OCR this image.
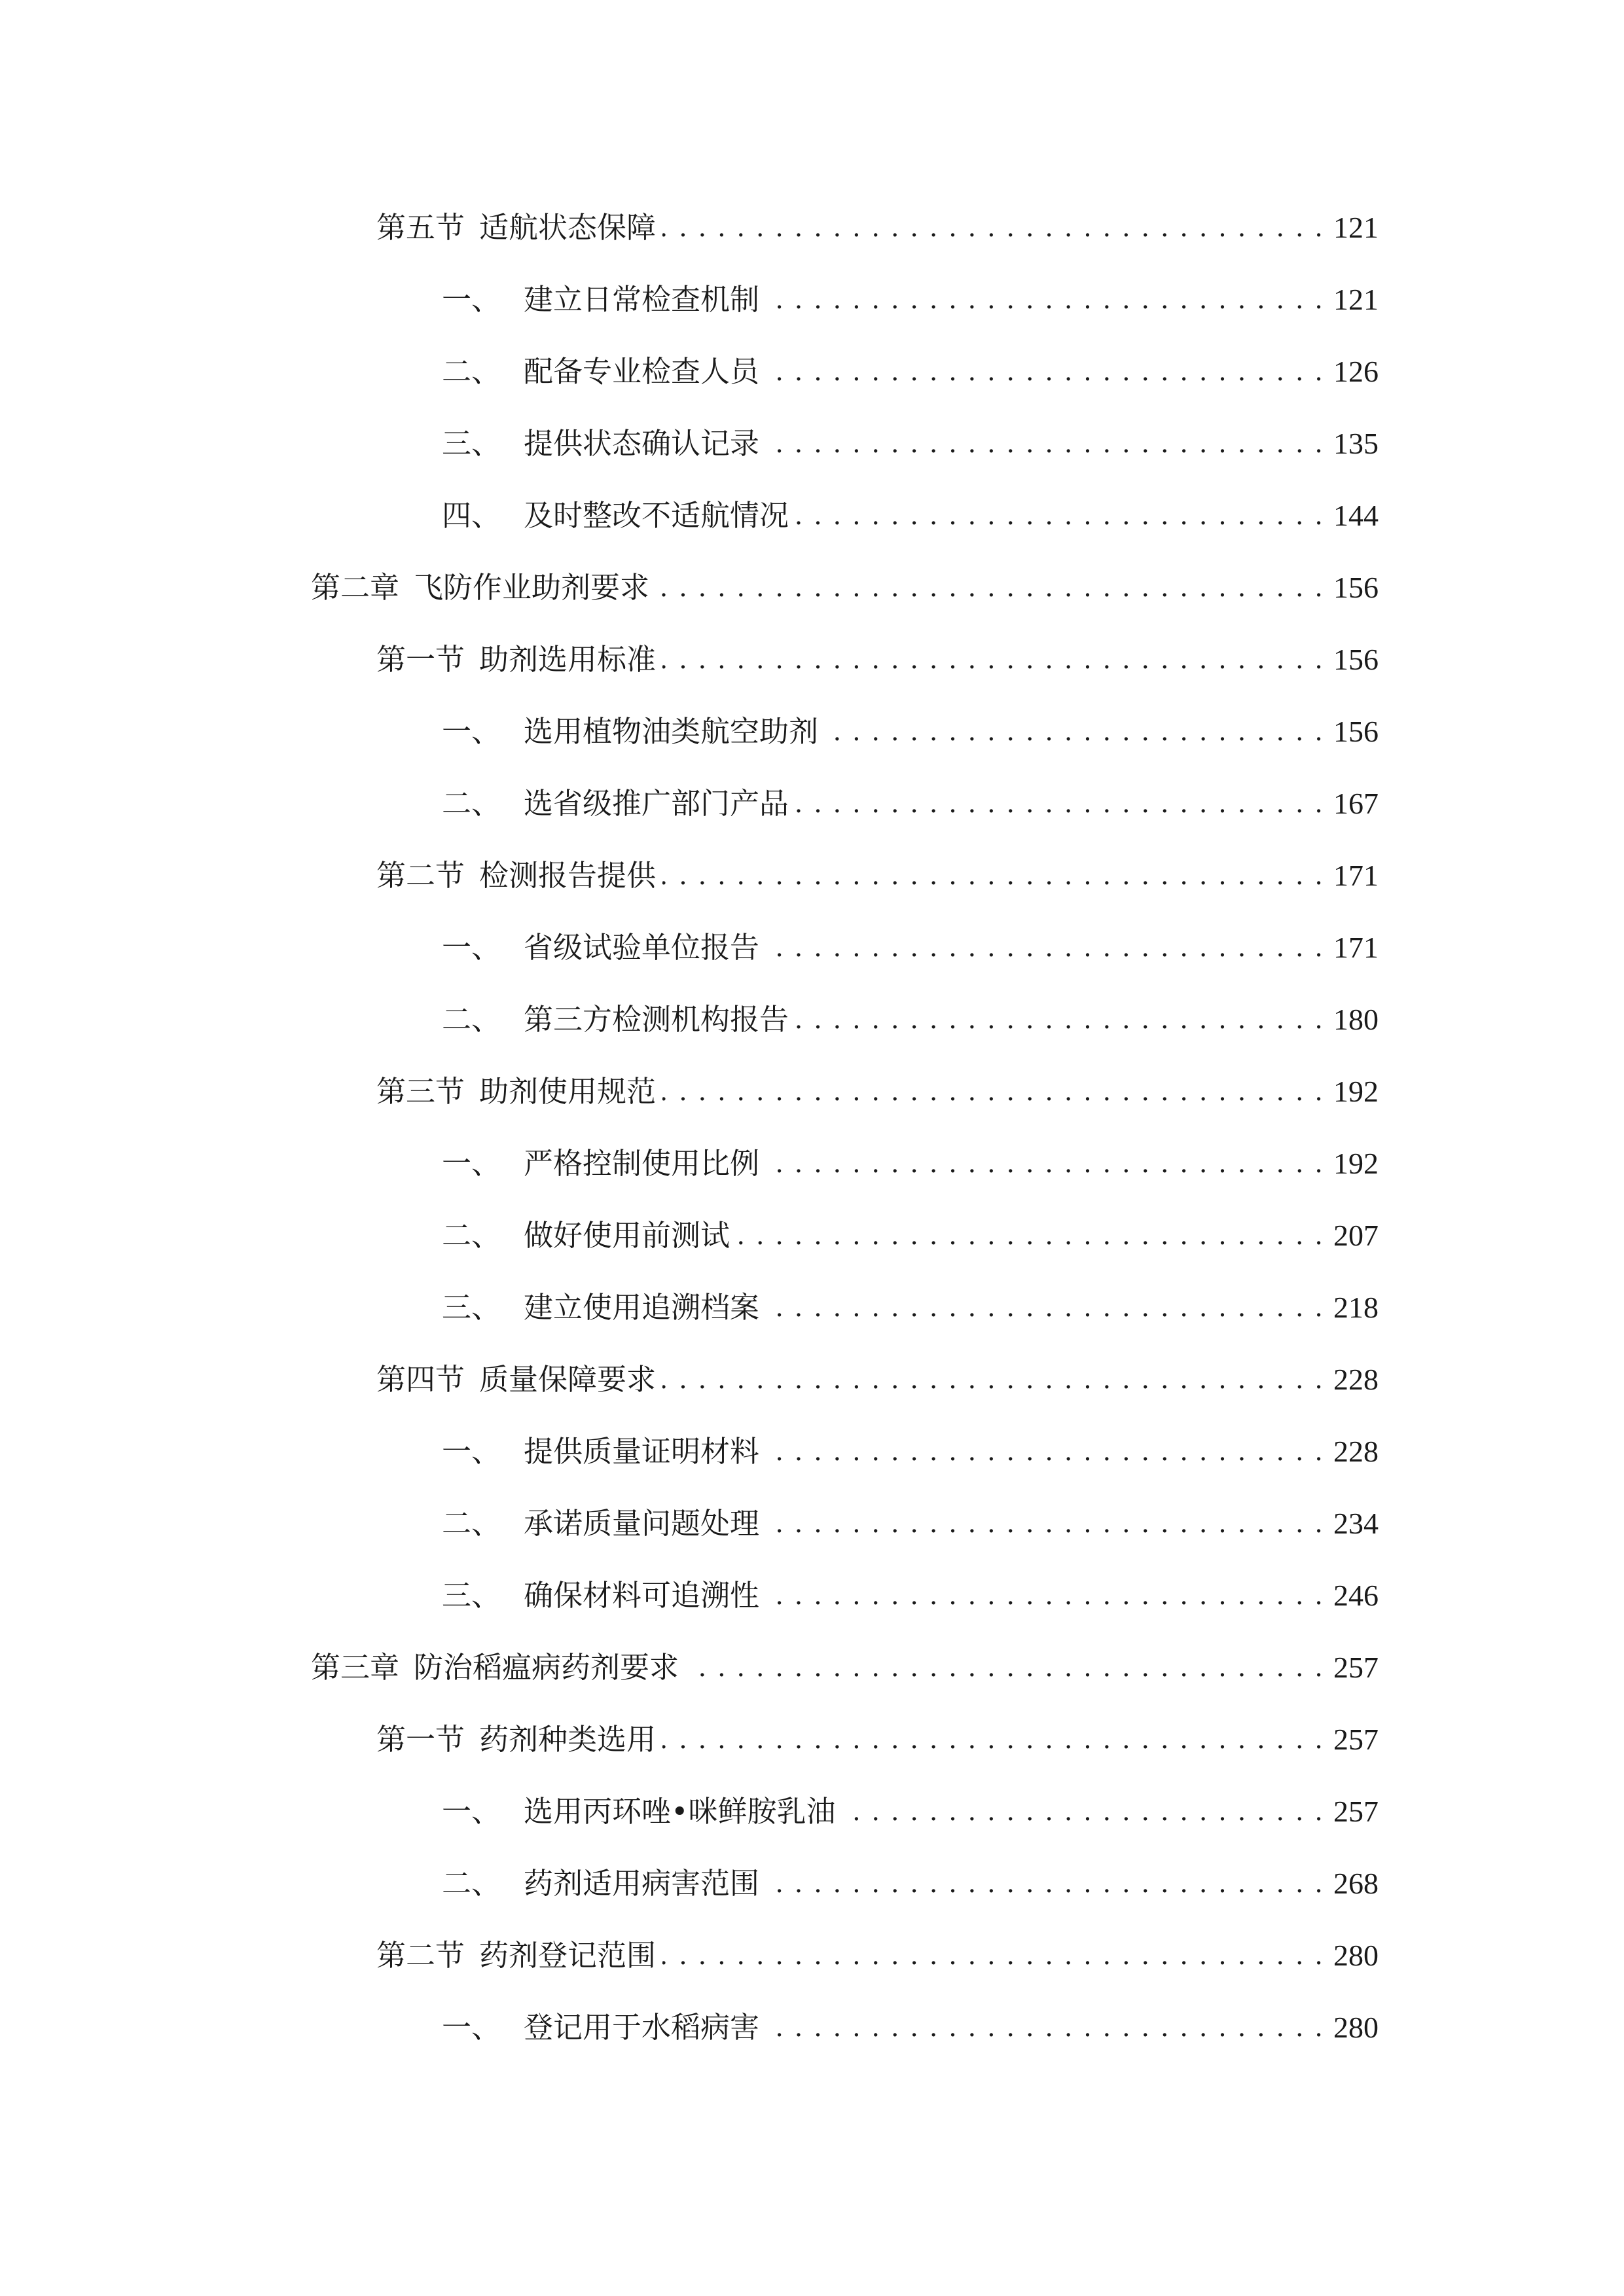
第五节 适航状态保障 . . .	121
一、 建立日常检查机制 . . .	121
二、 配备专业检查人员 . . .	126
三、 提供状态确认记录 . . .	135
四、 及时整改不适航情况 . . .	144
第二章 飞防作业助剂要求 . . .	156
第一节 助剂选用标准 . . .	156
一、 选用植物油类航空助剂 . . .	156
二、 选省级推广部门产品 . . .	167
第二节 检测报告提供 . . .	171
一、 省级试验单位报告 . . .	171
二、 第三方检测机构报告 . . .	180
第三节 助剂使用规范 . . .	192
一、 严格控制使用比例 . . .	192
二、 做好使用前测试 . . .	207
三、 建立使用追溯档案 . . .	218
第四节 质量保障要求 . . .	228
一、 提供质量证明材料 . . .	228
二、 承诺质量问题处理 . . .	234
三、 确保材料可追溯性 . . .	246
第三章 防治稻瘟病药剂要求 . . .	257
第一节 药剂种类选用 . . .	257
一、 选用丙环唑•咪鲜胺乳油 . . .	257
二、 药剂适用病害范围 . . .	268
第二节 药剂登记范围 . . .	280
一、 登记用于水稻病害 . . .	280
